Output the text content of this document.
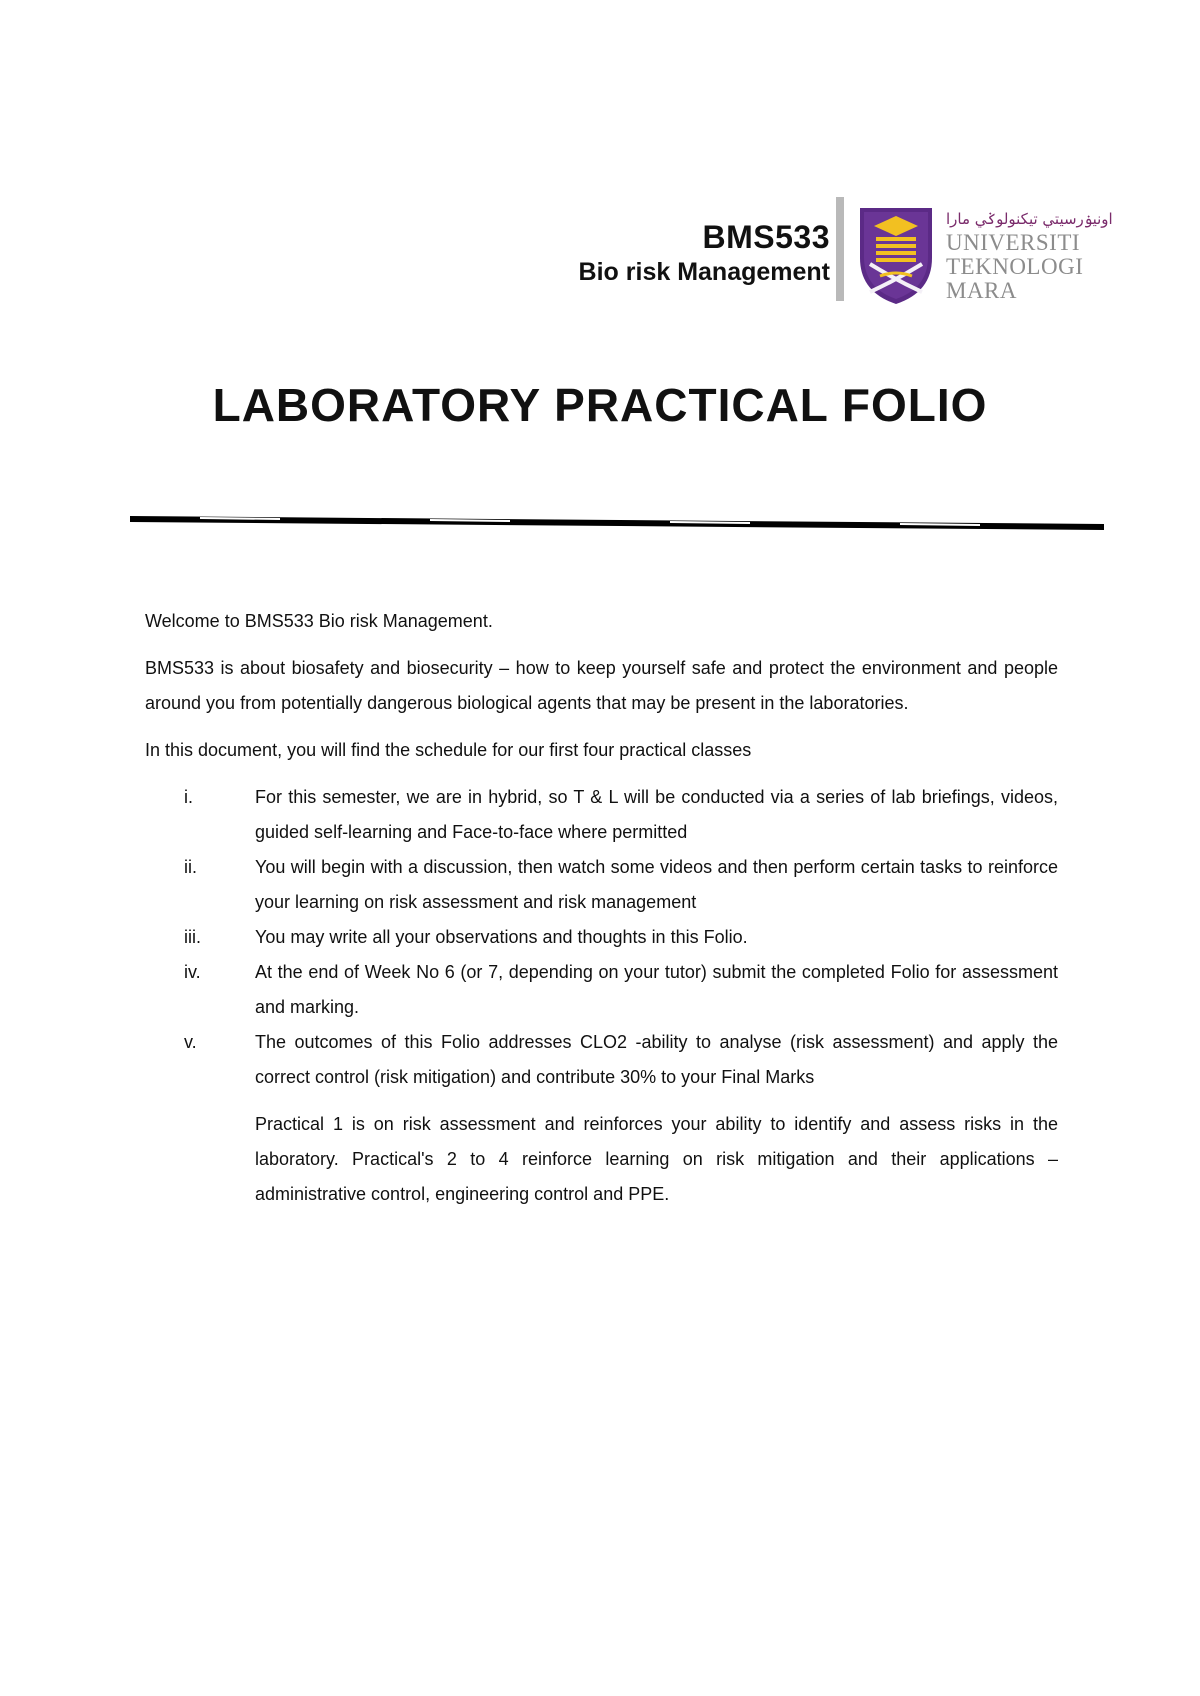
BMS533
Bio risk Management
اونيۏرسيتي تيکنولوݢي مارا
UNIVERSITI
TEKNOLOGI
MARA
LABORATORY PRACTICAL FOLIO

Welcome to BMS533 Bio risk Management.

BMS533 is about biosafety and biosecurity – how to keep yourself safe and protect the environment and people around you from potentially dangerous biological agents that may be present in the laboratories.

In this document, you will find the schedule for our first four practical classes

i.	For this semester, we are in hybrid, so T & L will be conducted via a series of lab briefings, videos, guided self-learning and Face-to-face where permitted
ii.	You will begin with a discussion, then watch some videos and then perform certain tasks to reinforce your learning on risk assessment and risk management
iii.	You may write all your observations and thoughts in this Folio.
iv.	At the end of Week No 6 (or 7, depending on your tutor) submit the completed Folio for assessment and marking.
v.	The outcomes of this Folio addresses CLO2 -ability to analyse (risk assessment) and apply the correct control (risk mitigation) and contribute 30% to your Final Marks

Practical 1 is on risk assessment and reinforces your ability to identify and assess risks in the laboratory. Practical's 2 to 4 reinforce learning on risk mitigation and their applications – administrative control, engineering control and PPE.
